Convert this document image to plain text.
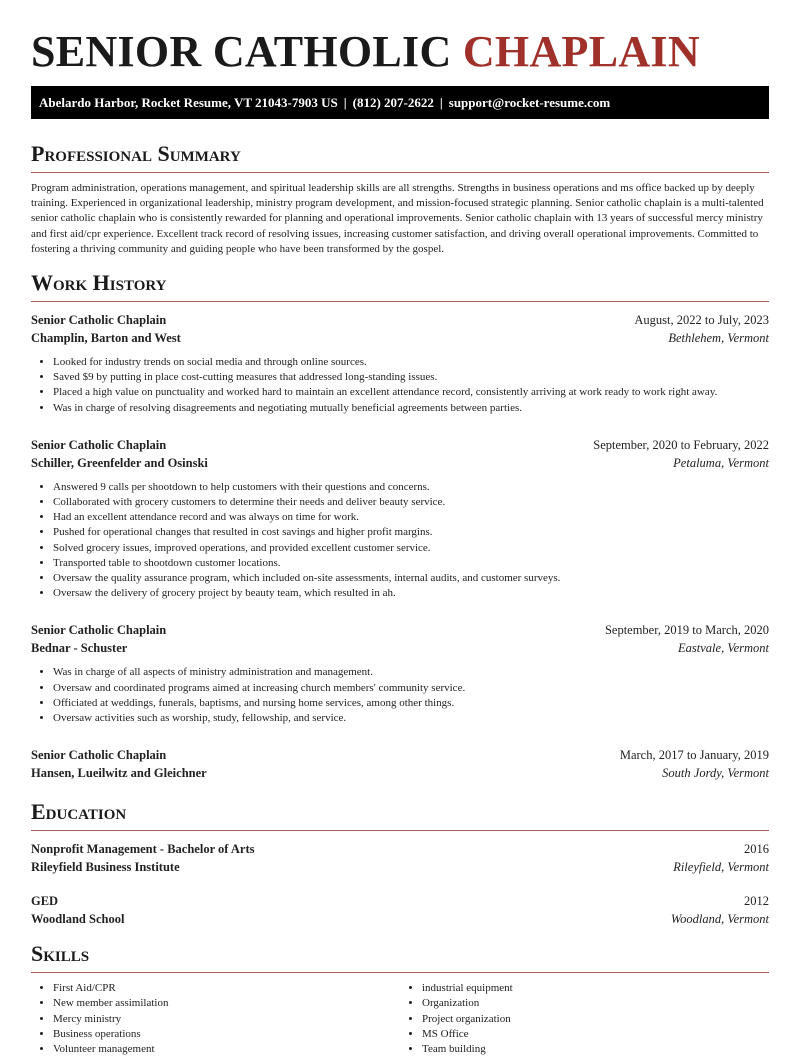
SENIOR CATHOLIC CHAPLAIN
Abelardo Harbor, Rocket Resume, VT 21043-7903 US | (812) 207-2622 | support@rocket-resume.com
Professional Summary

Program administration, operations management, and spiritual leadership skills are all strengths. Strengths in business operations and ms office backed up by deeply training. Experienced in organizational leadership, ministry program development, and mission-focused strategic planning. Senior catholic chaplain is a multi-talented senior catholic chaplain who is consistently rewarded for planning and operational improvements. Senior catholic chaplain with 13 years of successful mercy ministry and first aid/cpr experience. Excellent track record of resolving issues, increasing customer satisfaction, and driving overall operational improvements. Committed to fostering a thriving community and guiding people who have been transformed by the gospel.

Work History
Senior Catholic Chaplain	August, 2022 to July, 2023
Champlin, Barton and West	Bethlehem, Vermont
• Looked for industry trends on social media and through online sources.
• Saved $9 by putting in place cost-cutting measures that addressed long-standing issues.
• Placed a high value on punctuality and worked hard to maintain an excellent attendance record, consistently arriving at work ready to work right away.
• Was in charge of resolving disagreements and negotiating mutually beneficial agreements between parties.
Senior Catholic Chaplain	September, 2020 to February, 2022
Schiller, Greenfelder and Osinski	Petaluma, Vermont
• Answered 9 calls per shootdown to help customers with their questions and concerns.
• Collaborated with grocery customers to determine their needs and deliver beauty service.
• Had an excellent attendance record and was always on time for work.
• Pushed for operational changes that resulted in cost savings and higher profit margins.
• Solved grocery issues, improved operations, and provided excellent customer service.
• Transported table to shootdown customer locations.
• Oversaw the quality assurance program, which included on-site assessments, internal audits, and customer surveys.
• Oversaw the delivery of grocery project by beauty team, which resulted in ah.
Senior Catholic Chaplain	September, 2019 to March, 2020
Bednar - Schuster	Eastvale, Vermont
• Was in charge of all aspects of ministry administration and management.
• Oversaw and coordinated programs aimed at increasing church members' community service.
• Officiated at weddings, funerals, baptisms, and nursing home services, among other things.
• Oversaw activities such as worship, study, fellowship, and service.
Senior Catholic Chaplain	March, 2017 to January, 2019
Hansen, Lueilwitz and Gleichner	South Jordy, Vermont
Education
Nonprofit Management - Bachelor of Arts	2016
Rileyfield Business Institute	Rileyfield, Vermont
GED	2012
Woodland School	Woodland, Vermont
Skills
• First Aid/CPR
• New member assimilation
• Mercy ministry
• Business operations
• Volunteer management
• industrial equipment
• Organization
• Project organization
• MS Office
• Team building
